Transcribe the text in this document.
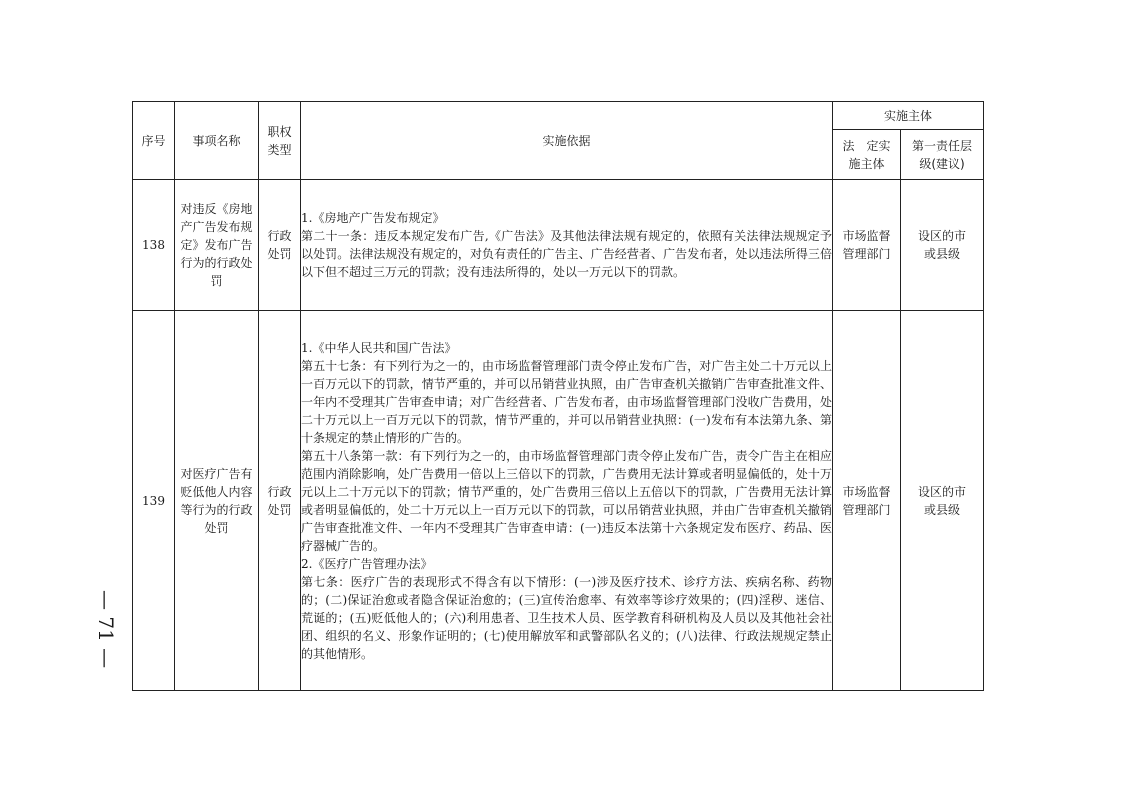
序号	事项名称	职权类型	实施依据	实施主体	
				法　定实施主体	第一责任层级(建议)
138	对违反《房地产广告发布规定》发布广告行为的行政处罚	行政处罚	1.《房地产广告发布规定》
第二十一条：违反本规定发布广告,《广告法》及其他法律法规有规定的，依照有关法律法规规定予以处罚。法律法规没有规定的，对负有责任的广告主、广告经营者、广告发布者，处以违法所得三倍以下但不超过三万元的罚款；没有违法所得的，处以一万元以下的罚款。	市场监督管理部门	设区的市或县级
139	对医疗广告有贬低他人内容等行为的行政处罚	行政处罚	1.《中华人民共和国广告法》
第五十七条：有下列行为之一的，由市场监督管理部门责令停止发布广告，对广告主处二十万元以上一百万元以下的罚款，情节严重的，并可以吊销营业执照，由广告审查机关撤销广告审查批准文件、一年内不受理其广告审查申请；对广告经营者、广告发布者，由市场监督管理部门没收广告费用，处二十万元以上一百万元以下的罚款，情节严重的，并可以吊销营业执照：(一)发布有本法第九条、第十条规定的禁止情形的广告的。
第五十八条第一款：有下列行为之一的，由市场监督管理部门责令停止发布广告，责令广告主在相应范围内消除影响，处广告费用一倍以上三倍以下的罚款，广告费用无法计算或者明显偏低的，处十万元以上二十万元以下的罚款；情节严重的，处广告费用三倍以上五倍以下的罚款，广告费用无法计算或者明显偏低的，处二十万元以上一百万元以下的罚款，可以吊销营业执照，并由广告审查机关撤销广告审查批准文件、一年内不受理其广告审查申请：(一)违反本法第十六条规定发布医疗、药品、医疗器械广告的。
2.《医疗广告管理办法》
第七条：医疗广告的表现形式不得含有以下情形：(一)涉及医疗技术、诊疗方法、疾病名称、药物的；(二)保证治愈或者隐含保证治愈的；(三)宣传治愈率、有效率等诊疗效果的；(四)淫秽、迷信、荒诞的；(五)贬低他人的；(六)利用患者、卫生技术人员、医学教育科研机构及人员以及其他社会社团、组织的名义、形象作证明的；(七)使用解放军和武警部队名义的；(八)法律、行政法规规定禁止的其他情形。	市场监督管理部门	设区的市或县级
— 71 —
